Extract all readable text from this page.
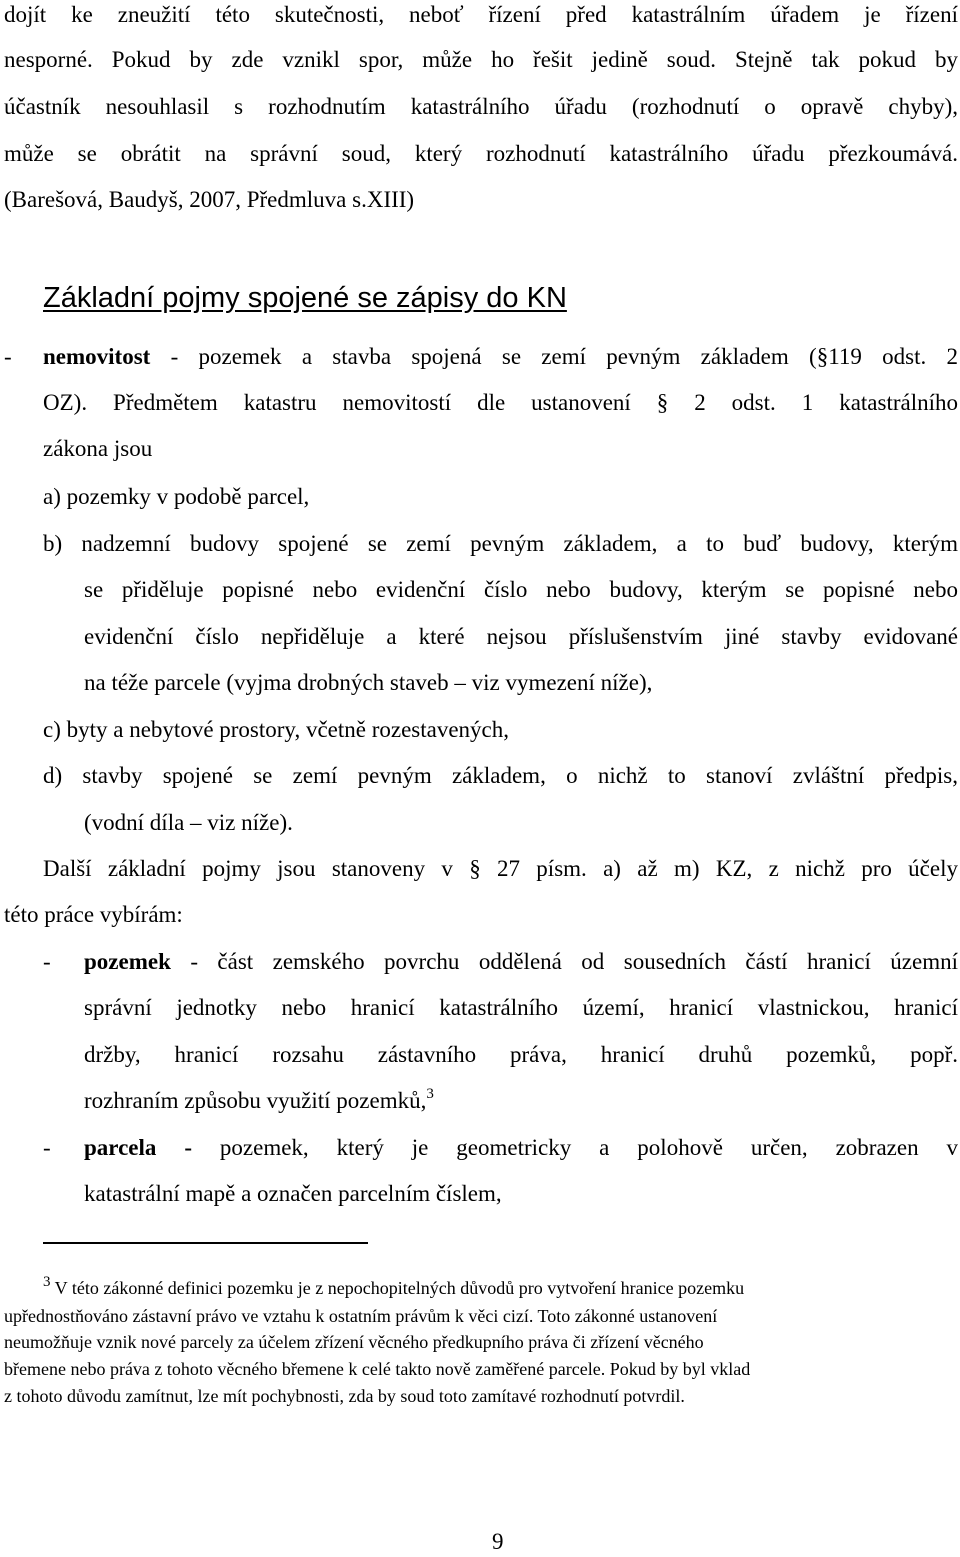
dojít ke zneužití této skutečnosti, neboť řízení před katastrálním úřadem je řízení
nesporné. Pokud by zde vznikl spor, může ho řešit jedině soud. Stejně tak pokud by
účastník nesouhlasil s rozhodnutím katastrálního úřadu (rozhodnutí o opravě chyby),
může se obrátit na správní soud, který rozhodnutí katastrálního úřadu přezkoumává.
(Barešová, Baudyš, 2007, Předmluva s.XIII)
Základní pojmy spojené se zápisy do KN
- nemovitost - pozemek a stavba spojená se zemí pevným základem (§119 odst. 2
OZ). Předmětem katastru nemovitostí dle ustanovení § 2 odst. 1 katastrálního
zákona jsou
a) pozemky v podobě parcel,
b) nadzemní budovy spojené se zemí pevným základem, a to buď budovy, kterým
se přiděluje popisné nebo evidenční číslo nebo budovy, kterým se popisné nebo
evidenční číslo nepřiděluje a které nejsou příslušenstvím jiné stavby evidované
na téže parcele (vyjma drobných staveb – viz vymezení níže),
c) byty a nebytové prostory, včetně rozestavených,
d) stavby spojené se zemí pevným základem, o nichž to stanoví zvláštní předpis,
(vodní díla – viz níže).
Další základní pojmy jsou stanoveny v § 27 písm. a) až m) KZ, z nichž pro účely
této práce vybírám:
- pozemek - část zemského povrchu oddělená od sousedních částí hranicí územní
správní jednotky nebo hranicí katastrálního území, hranicí vlastnickou, hranicí
držby, hranicí rozsahu zástavního práva, hranicí druhů pozemků, popř.
rozhraním způsobu využití pozemků,$^3$
- parcela - pozemek, který je geometricky a polohově určen, zobrazen v
katastrální mapě a označen parcelním číslem,
$^3$ V této zákonné definici pozemku je z nepochopitelných důvodů pro vytvoření hranice pozemku
upřednostňováno zástavní právo ve vztahu k ostatním právům k věci cizí. Toto zákonné ustanovení
neumožňuje vznik nové parcely za účelem zřízení věcného předkupního práva či zřízení věcného
břemene nebo práva z tohoto věcného břemene k celé takto nově zaměřené parcele. Pokud by byl vklad
z tohoto důvodu zamítnut, lze mít pochybnosti, zda by soud toto zamítavé rozhodnutí potvrdil.
9
